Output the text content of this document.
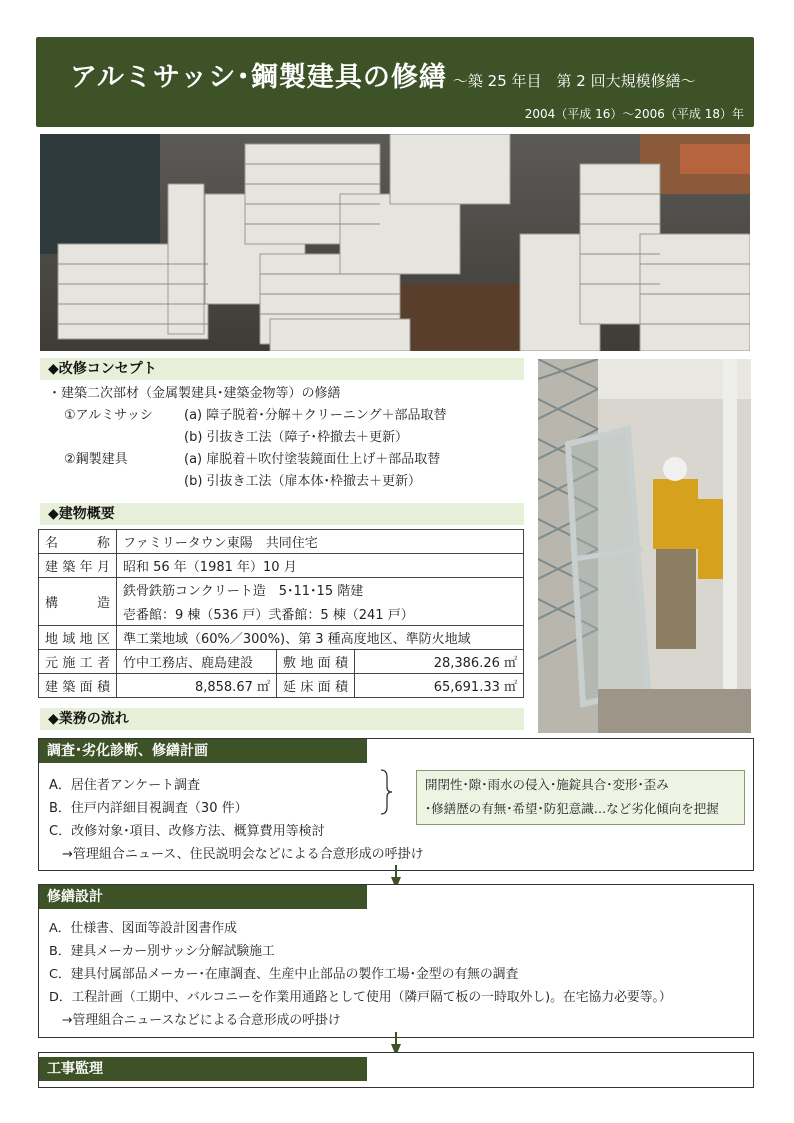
アルミサッシ･鋼製建具の修繕 ～築 25 年目　第 2 回大規模修繕～
2004（平成 16）～2006（平成 18）年
◆改修コンセプト
・建築二次部材（金属製建具･建築金物等）の修繕
①アルミサッシ (a) 障子脱着･分解＋クリーニング＋部品取替
(b) 引抜き工法（障子･枠撤去＋更新）
②鋼製建具	(a) 扉脱着＋吹付塗装鏡面仕上げ＋部品取替
(b) 引抜き工法（扉本体･枠撤去＋更新）
◆建物概要
名　称	ファミリータウン東陽　共同住宅		
建築年月	昭和 56 年（1981 年）10 月		
構　造	鉄骨鉄筋コンクリート造　5･11･15 階建		
	壱番館：9 棟（536 戸）弐番館：5 棟（241 戸）		
地域地区	準工業地域（60%／300%)、第 3 種高度地区、準防火地域		
元施工者	竹中工務店、鹿島建設	敷地面積	28,386.26 ㎡
建築面積	8,858.67 ㎡	延床面積	65,691.33 ㎡
◆業務の流れ
調査･劣化診断、修繕計画
A．居住者アンケート調査
B．住戸内詳細目視調査（30 件）
C．改修対象･項目、改修方法、概算費用等検討
　→管理組合ニュース、住民説明会などによる合意形成の呼掛け
開閉性･隙･雨水の侵入･施錠具合･変形･歪み
･修繕歴の有無･希望･防犯意識…など劣化傾向を把握
修繕設計
A．仕様書、図面等設計図書作成
B．建具メーカー別サッシ分解試験施工
C．建具付属部品メーカー･在庫調査、生産中止部品の製作工場･金型の有無の調査
D．工程計画（工期中、バルコニーを作業用通路として使用（隣戸隔て板の一時取外し)。在宅協力必要等。）
　→管理組合ニュースなどによる合意形成の呼掛け
工事監理
